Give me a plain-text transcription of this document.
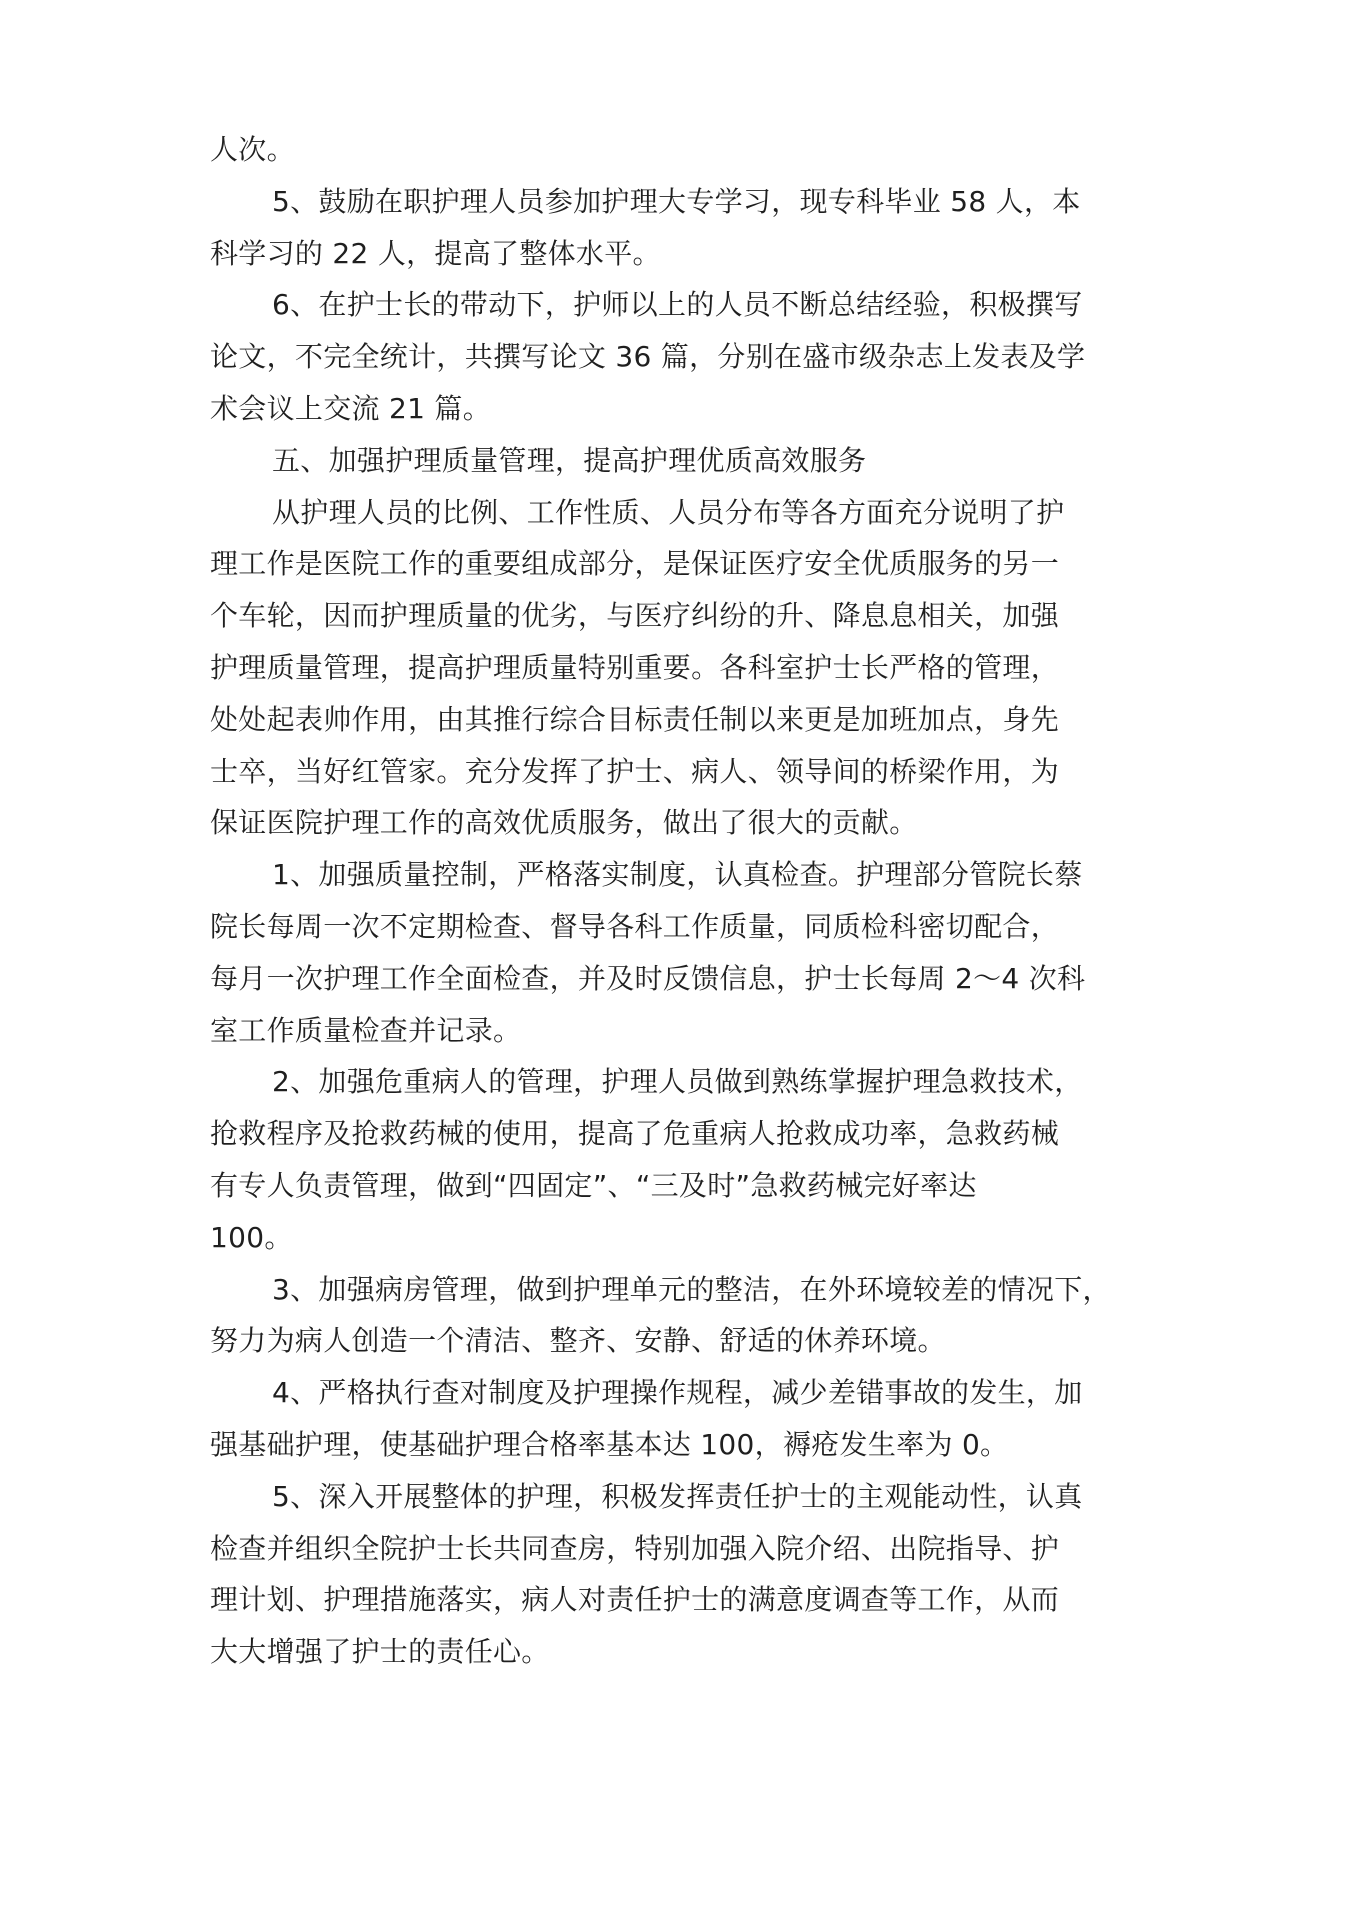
人次。
5、鼓励在职护理人员参加护理大专学习，现专科毕业 58 人，本
科学习的 22 人，提高了整体水平。
6、在护士长的带动下，护师以上的人员不断总结经验，积极撰写
论文，不完全统计，共撰写论文 36 篇，分别在盛市级杂志上发表及学
术会议上交流 21 篇。
五、加强护理质量管理，提高护理优质高效服务
从护理人员的比例、工作性质、人员分布等各方面充分说明了护
理工作是医院工作的重要组成部分，是保证医疗安全优质服务的另一
个车轮，因而护理质量的优劣，与医疗纠纷的升、降息息相关，加强
护理质量管理，提高护理质量特别重要。各科室护士长严格的管理，
处处起表帅作用，由其推行综合目标责任制以来更是加班加点，身先
士卒，当好红管家。充分发挥了护士、病人、领导间的桥梁作用，为
保证医院护理工作的高效优质服务，做出了很大的贡献。
1、加强质量控制，严格落实制度，认真检查。护理部分管院长蔡
院长每周一次不定期检查、督导各科工作质量，同质检科密切配合，
每月一次护理工作全面检查，并及时反馈信息，护士长每周 2～4 次科
室工作质量检查并记录。
2、加强危重病人的管理，护理人员做到熟练掌握护理急救技术，
抢救程序及抢救药械的使用，提高了危重病人抢救成功率，急救药械
有专人负责管理，做到“四固定”、“三及时”急救药械完好率达
100。
3、加强病房管理，做到护理单元的整洁，在外环境较差的情况下，
努力为病人创造一个清洁、整齐、安静、舒适的休养环境。
4、严格执行查对制度及护理操作规程，减少差错事故的发生，加
强基础护理，使基础护理合格率基本达 100，褥疮发生率为 0。
5、深入开展整体的护理，积极发挥责任护士的主观能动性，认真
检查并组织全院护士长共同查房，特别加强入院介绍、出院指导、护
理计划、护理措施落实，病人对责任护士的满意度调查等工作，从而
大大增强了护士的责任心。
